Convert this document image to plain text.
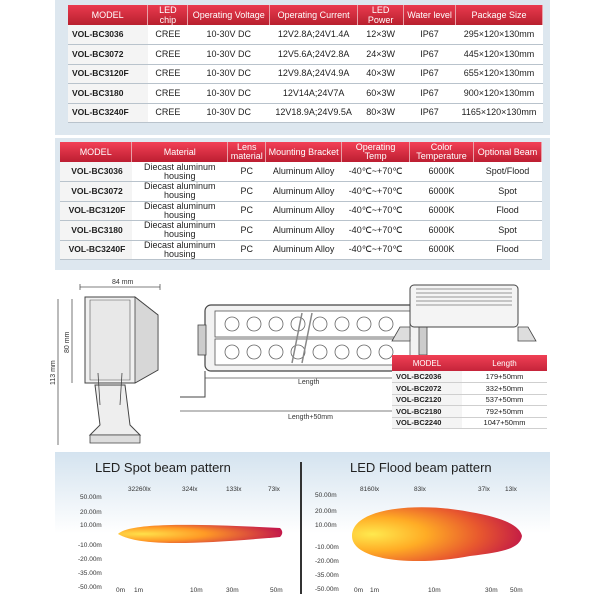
MODEL	LED chip	Operating Voltage	Operating Current	LED Power	Water level	Package Size
VOL-BC3036	CREE	10-30V DC	12V2.8A;24V1.4A	12×3W	IP67	295×120×130mm
VOL-BC3072	CREE	10-30V DC	12V5.6A;24V2.8A	24×3W	IP67	445×120×130mm
VOL-BC3120F	CREE	10-30V DC	12V9.8A;24V4.9A	40×3W	IP67	655×120×130mm
VOL-BC3180	CREE	10-30V DC	12V14A;24V7A	60×3W	IP67	900×120×130mm
VOL-BC3240F	CREE	10-30V DC	12V18.9A;24V9.5A	80×3W	IP67	1165×120×130mm
MODEL	Material	Lens material	Mounting Bracket	Operating Temp	Color Temperature	Optional Beam
VOL-BC3036	Diecast aluminum housing	PC	Aluminum Alloy	-40℃~+70℃	6000K	Spot/Flood
VOL-BC3072	Diecast aluminum housing	PC	Aluminum Alloy	-40℃~+70℃	6000K	Spot
VOL-BC3120F	Diecast aluminum housing	PC	Aluminum Alloy	-40℃~+70℃	6000K	Flood
VOL-BC3180	Diecast aluminum housing	PC	Aluminum Alloy	-40℃~+70℃	6000K	Spot
VOL-BC3240F	Diecast aluminum housing	PC	Aluminum Alloy	-40℃~+70℃	6000K	Flood
84 mm
80 mm
113 mm	Length
Length+50mm
MODEL	Length
VOL-BC2036	179+50mm
VOL-BC2072	332+50mm
VOL-BC2120	537+50mm
VOL-BC2180	792+50mm
VOL-BC2240	1047+50mm
LED Spot beam pattern	LED Flood beam pattern
32260lx	324lx	133lx	73lx
50.00m
20.00m
10.00m
-10.00m
-20.00m
-35.00m
-50.00m 0m 1m	10m	30m	50m
8160lx	83lx	37lx 13lx
50.00m
20.00m
10.00m
-10.00m
-20.00m
-35.00m
-50.00m 0m 1m	10m	30m 50m
